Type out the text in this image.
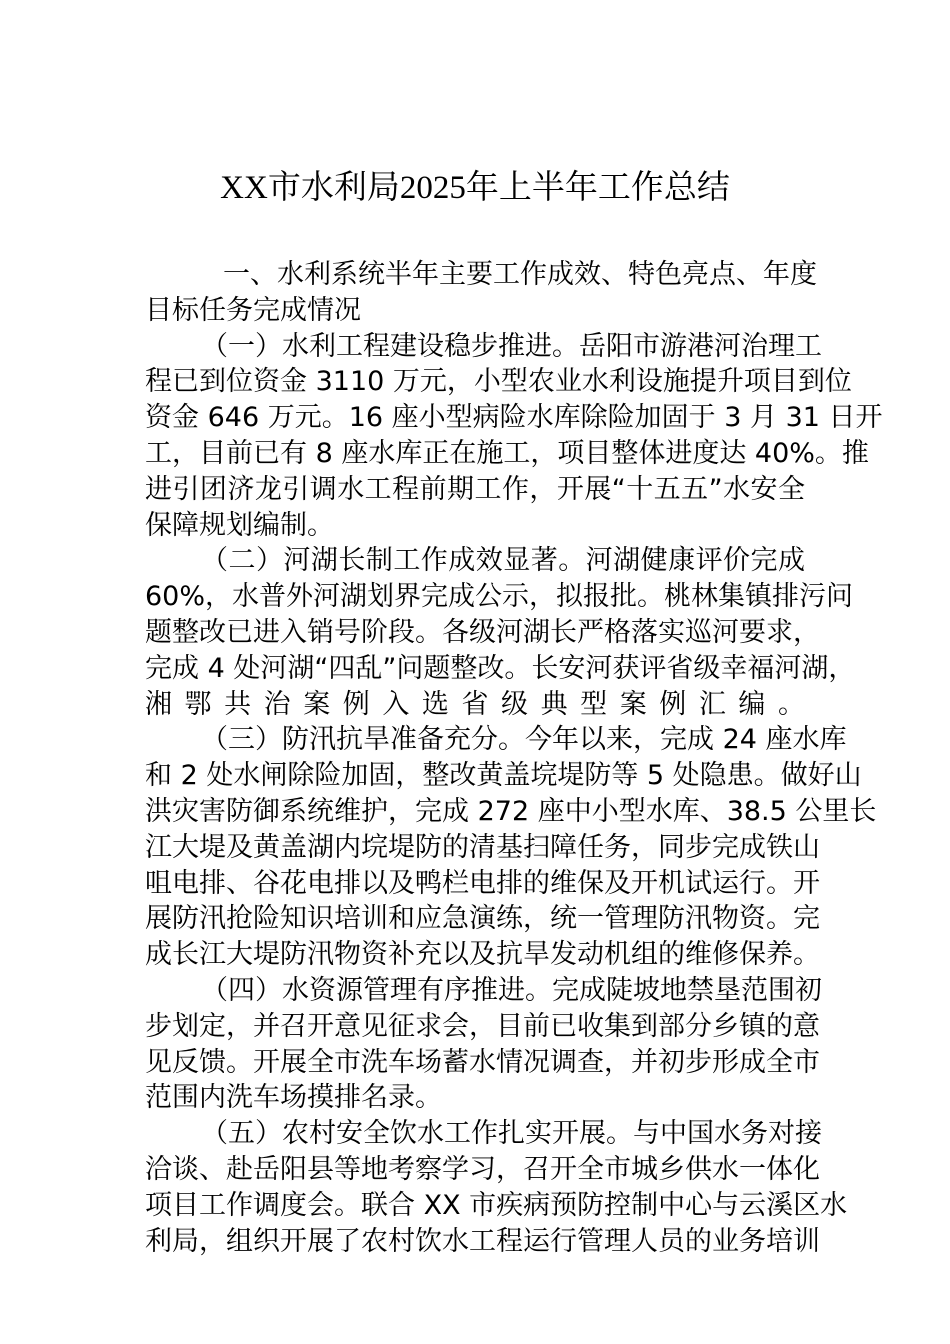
XX市水利局2025年上半年工作总结
一、水利系统半年主要工作成效、特色亮点、年度
目标任务完成情况
（一）水利工程建设稳步推进。岳阳市游港河治理工
程已到位资金 3110 万元，小型农业水利设施提升项目到位
资金 646 万元。16 座小型病险水库除险加固于 3 月 31 日开
工，目前已有 8 座水库正在施工，项目整体进度达 40%。推
进引团济龙引调水工程前期工作，开展“十五五”水安全
保障规划编制。
（二）河湖长制工作成效显著。河湖健康评价完成
60%，水普外河湖划界完成公示，拟报批。桃林集镇排污问
题整改已进入销号阶段。各级河湖长严格落实巡河要求，
完成 4 处河湖“四乱”问题整改。长安河获评省级幸福河湖，
湘鄂共治案例入选省级典型案例汇编。
（三）防汛抗旱准备充分。今年以来，完成 24 座水库
和 2 处水闸除险加固，整改黄盖垸堤防等 5 处隐患。做好山
洪灾害防御系统维护，完成 272 座中小型水库、38.5 公里长
江大堤及黄盖湖内垸堤防的清基扫障任务，同步完成铁山
咀电排、谷花电排以及鸭栏电排的维保及开机试运行。开
展防汛抢险知识培训和应急演练，统一管理防汛物资。完
成长江大堤防汛物资补充以及抗旱发动机组的维修保养。
（四）水资源管理有序推进。完成陡坡地禁垦范围初
步划定，并召开意见征求会，目前已收集到部分乡镇的意
见反馈。开展全市洗车场蓄水情况调查，并初步形成全市
范围内洗车场摸排名录。
（五）农村安全饮水工作扎实开展。与中国水务对接
洽谈、赴岳阳县等地考察学习，召开全市城乡供水一体化
项目工作调度会。联合 XX 市疾病预防控制中心与云溪区水
利局，组织开展了农村饮水工程运行管理人员的业务培训
